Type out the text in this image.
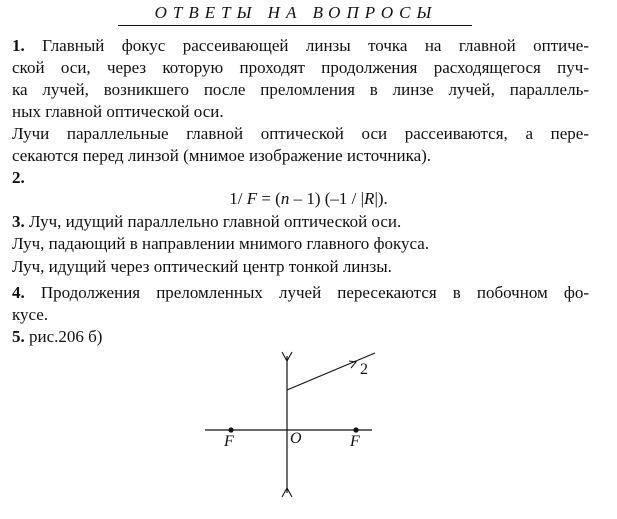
ОТВЕТЫ НА ВОПРОСЫ
1. Главный фокус рассеивающей линзы точка на главной оптиче-
ской оси, через которую проходят продолжения расходящегося пуч-
ка лучей, возникшего после преломления в линзе лучей, параллель-
ных главной оптической оси.
Лучи параллельные главной оптической оси рассеиваются, а пере-
секаются перед линзой (мнимое изображение источника).
2.
1/ F = (n – 1) (–1 / |R|).
3. Луч, идущий параллельно главной оптической оси.
Луч, падающий в направлении мнимого главного фокуса.
Луч, идущий через оптический центр тонкой линзы.
4. Продолжения преломленных лучей пересекаются в побочном фо-
кусе.
5. рис.206 б)
F	F
O
2
